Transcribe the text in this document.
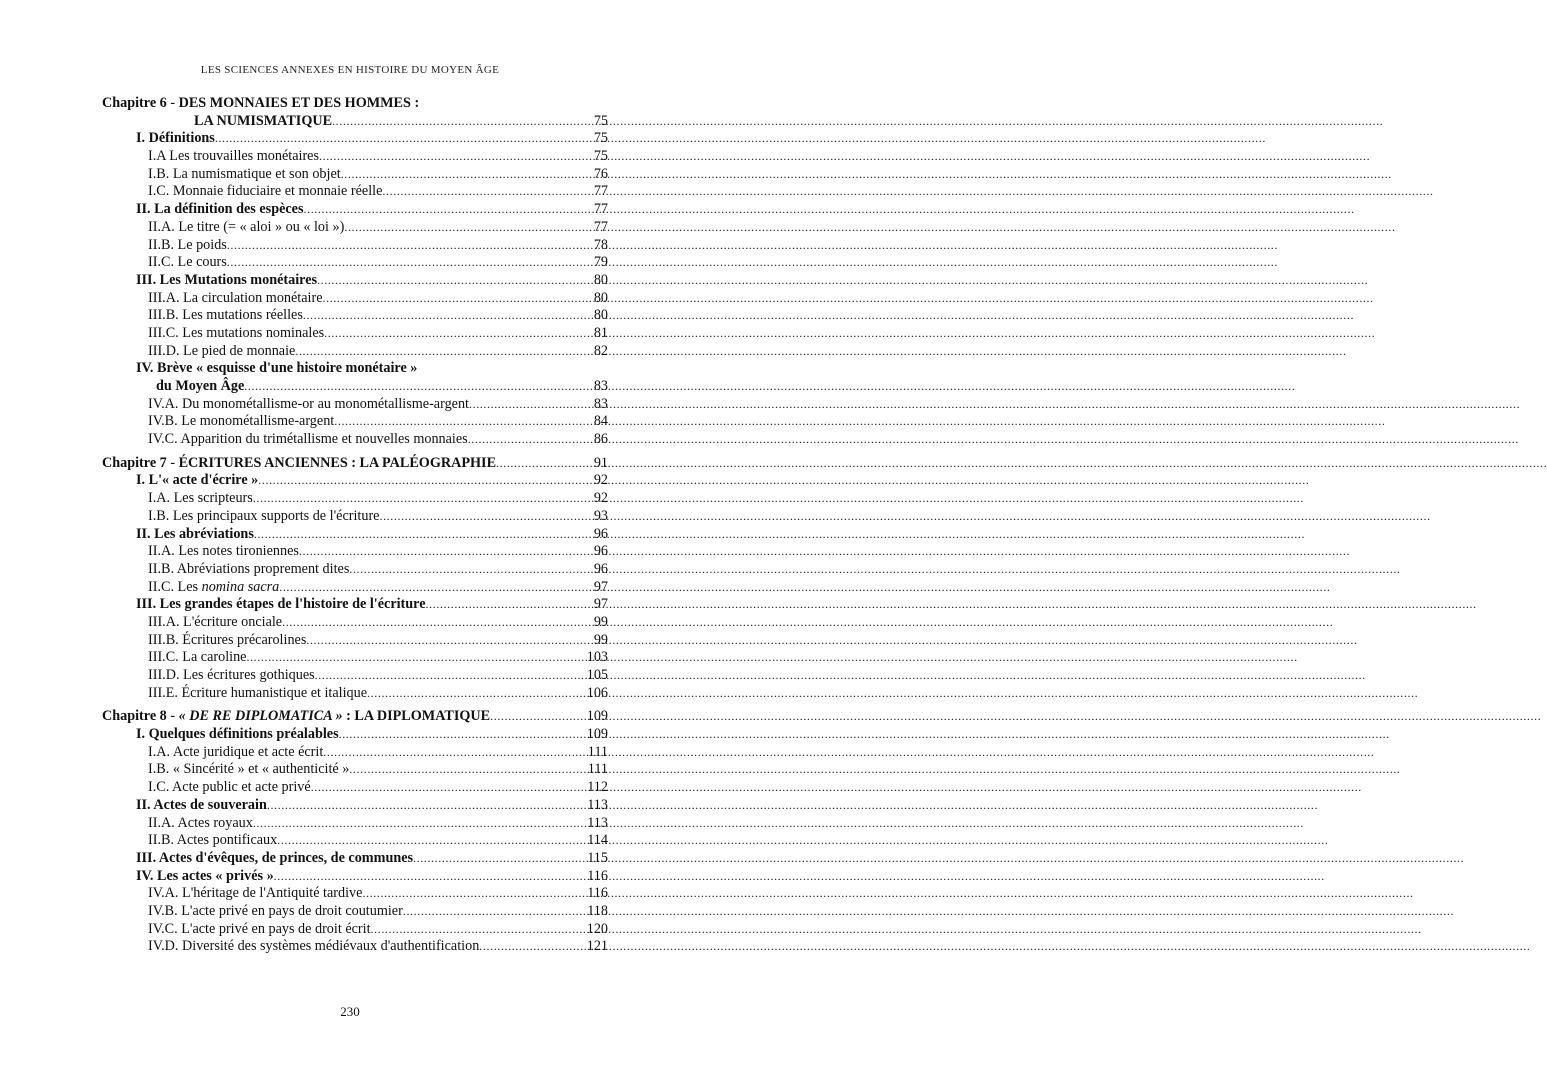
LES SCIENCES ANNEXES EN HISTOIRE DU MOYEN ÂGE
Chapitre 6 - DES MONNAIES ET DES HOMMES :
LA NUMISMATIQUE .....	75
I. Définitions .....	75
I.A Les trouvailles monétaires .....	75
I.B. La numismatique et son objet .....	76
I.C. Monnaie fiduciaire et monnaie réelle .....	77
II. La définition des espèces .....	77
II.A. Le titre (= « aloi » ou « loi ») .....	77
II.B. Le poids .....	78
II.C. Le cours .....	79
III. Les Mutations monétaires .....	80
III.A. La circulation monétaire .....	80
III.B. Les mutations réelles .....	80
III.C. Les mutations nominales .....	81
III.D. Le pied de monnaie .....	82
IV. Brève « esquisse d'une histoire monétaire »
du Moyen Âge .....	83
IV.A. Du monométallisme-or au monométallisme-argent .....	83
IV.B. Le monométallisme-argent .....	84
IV.C. Apparition du trimétallisme et nouvelles monnaies .....	86
Chapitre 7 - ÉCRITURES ANCIENNES : LA PALÉOGRAPHIE .....	91
I. L'« acte d'écrire » .....	92
I.A. Les scripteurs .....	92
I.B. Les principaux supports de l'écriture .....	93
II. Les abréviations .....	96
II.A. Les notes tironiennes .....	96
II.B. Abréviations proprement dites .....	96
II.C. Les nomina sacra .....	97
III. Les grandes étapes de l'histoire de l'écriture .....	97
III.A. L'écriture onciale .....	99
III.B. Écritures précarolines .....	99
III.C. La caroline .....	103
III.D. Les écritures gothiques .....	105
III.E. Écriture humanistique et italique .....	106
Chapitre 8 - « DE RE DIPLOMATICA » : LA DIPLOMATIQUE .....	109
I. Quelques définitions préalables .....	109
I.A. Acte juridique et acte écrit .....	111
I.B. « Sincérité » et « authenticité » .....	111
I.C. Acte public et acte privé .....	112
II. Actes de souverain .....	113
II.A. Actes royaux .....	113
II.B. Actes pontificaux .....	114
III. Actes d'évêques, de princes, de communes .....	115
IV. Les actes « privés » .....	116
IV.A. L'héritage de l'Antiquité tardive .....	116
IV.B. L'acte privé en pays de droit coutumier .....	118
IV.C. L'acte privé en pays de droit écrit .....	120
IV.D. Diversité des systèmes médiévaux d'authentification .....	121
230
